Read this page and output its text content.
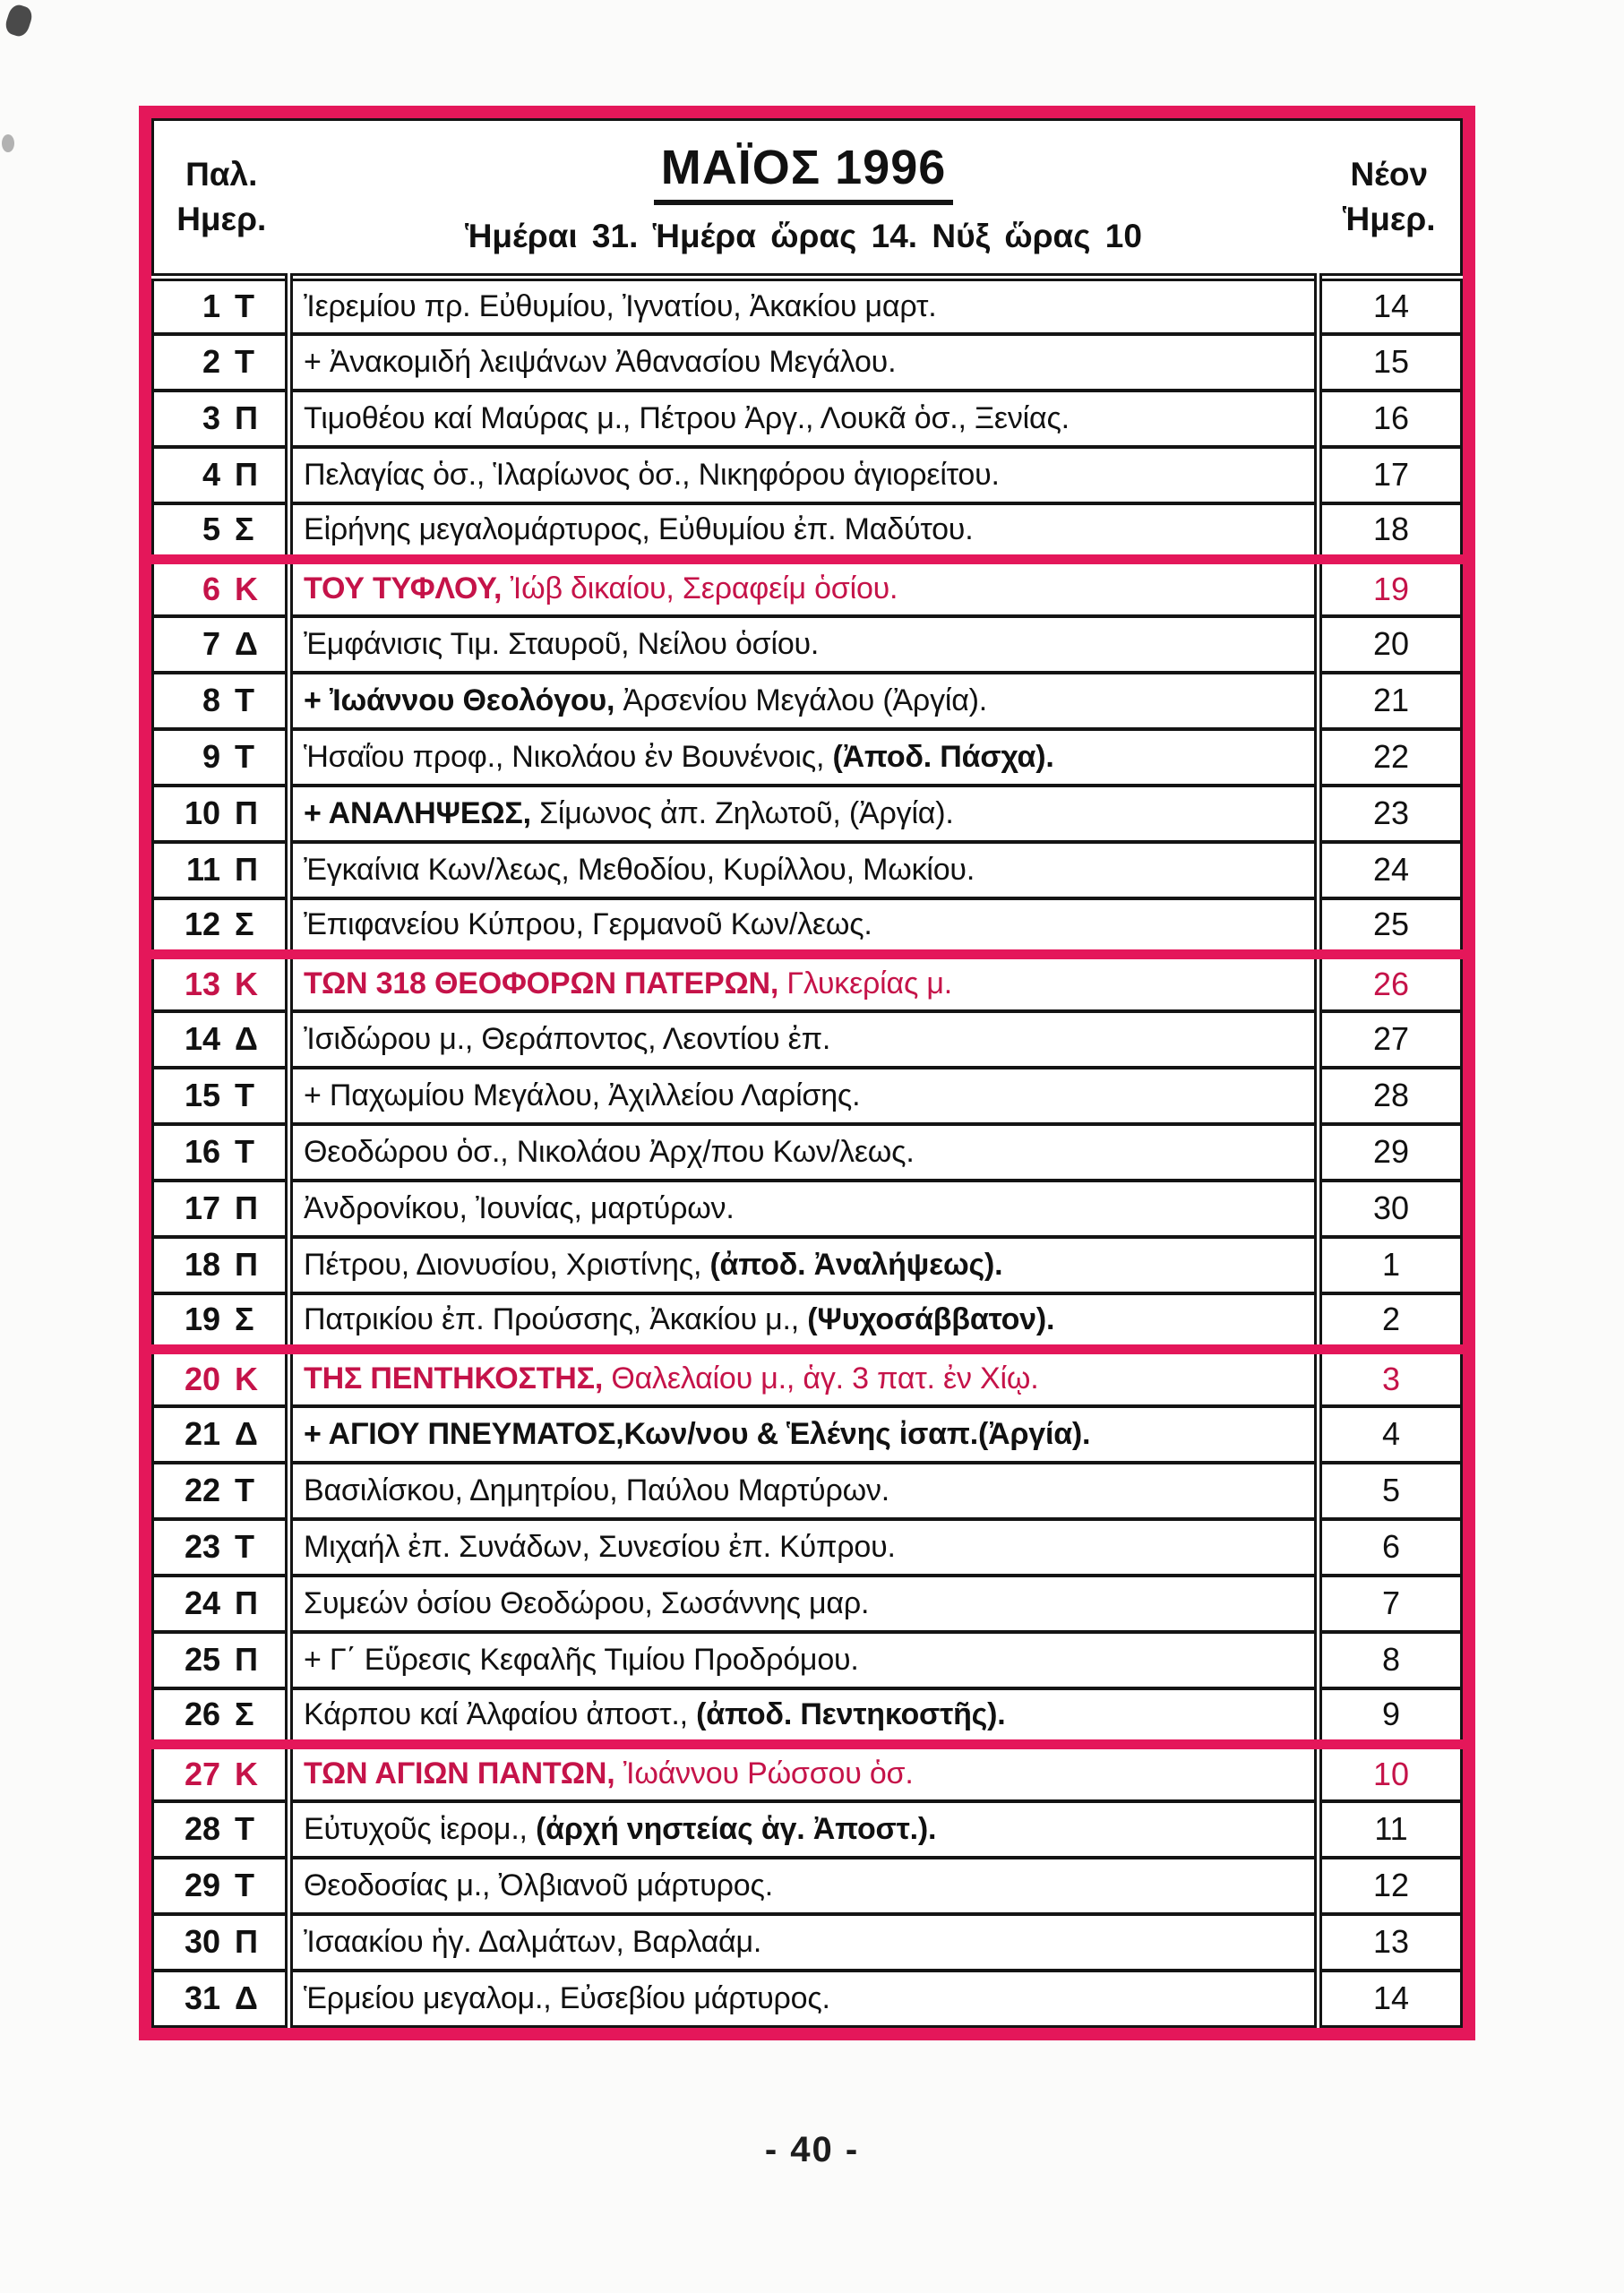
Παλ.
Ημερ.

ΜΑΪΟΣ 1996
Ἡμέραι 31. Ἡμέρα ὥρας 14. Νύξ ὥρας 10

Νέον
Ἡμερ.

1 Τ	Ἰερεμίου πρ. Εὐθυμίου, Ἰγνατίου, Ἀκακίου μαρτ.	14

2 Τ	+ Ἀνακομιδή λειψάνων Ἀθανασίου Μεγάλου.	15

3 Π	Τιμοθέου καί Μαύρας μ., Πέτρου Ἀργ., Λουκᾶ ὁσ., Ξενίας.	16

4 Π	Πελαγίας ὁσ., Ἱλαρίωνος ὁσ., Νικηφόρου ἁγιορείτου.	17

5 Σ	Εἰρήνης μεγαλομάρτυρος, Εὐθυμίου ἐπ. Μαδύτου.	18

6 Κ	ΤΟΥ ΤΥΦΛΟΥ, Ἰώβ δικαίου, Σεραφείμ ὁσίου.	19

7 Δ	Ἐμφάνισις Τιμ. Σταυροῦ, Νείλου ὁσίου.	20

8 Τ	+ Ἰωάννου Θεολόγου, Ἀρσενίου Μεγάλου (Ἀργία).	21

9 Τ	Ἡσαΐου προφ., Νικολάου ἐν Βουνένοις, (Ἀποδ. Πάσχα).	22

10 Π	+ ΑΝΑΛΗΨΕΩΣ, Σίμωνος ἀπ. Ζηλωτοῦ, (Ἀργία).	23

11 Π	Ἐγκαίνια Κων/λεως, Μεθοδίου, Κυρίλλου, Μωκίου.	24

12 Σ	Ἐπιφανείου Κύπρου, Γερμανοῦ Κων/λεως.	25

13 Κ	ΤΩΝ 318 ΘΕΟΦΟΡΩΝ ΠΑΤΕΡΩΝ, Γλυκερίας μ.	26

14 Δ	Ἰσιδώρου μ., Θεράποντος, Λεοντίου ἐπ.	27

15 Τ	+ Παχωμίου Μεγάλου, Ἀχιλλείου Λαρίσης.	28

16 Τ	Θεοδώρου ὁσ., Νικολάου Ἀρχ/που Κων/λεως.	29

17 Π	Ἀνδρονίκου, Ἰουνίας, μαρτύρων.	30

18 Π	Πέτρου, Διονυσίου, Χριστίνης, (ἀποδ. Ἀναλήψεως).	1

19 Σ	Πατρικίου ἐπ. Προύσσης, Ἀκακίου μ., (Ψυχοσάββατον).	2

20 Κ	ΤΗΣ ΠΕΝΤΗΚΟΣΤΗΣ, Θαλελαίου μ., ἁγ. 3 πατ. ἐν Χίῳ.	3

21 Δ	+ ΑΓΙΟΥ ΠΝΕΥΜΑΤΟΣ,Κων/νου & Ἑλένης ἰσαπ.(Ἀργία).	4

22 Τ	Βασιλίσκου, Δημητρίου, Παύλου Μαρτύρων.	5

23 Τ	Μιχαήλ ἐπ. Συνάδων, Συνεσίου ἐπ. Κύπρου.	6

24 Π	Συμεών ὁσίου Θεοδώρου, Σωσάννης μαρ.	7

25 Π	+ Γ΄ Εὕρεσις Κεφαλῆς Τιμίου Προδρόμου.	8

26 Σ	Κάρπου καί Ἀλφαίου ἀποστ., (ἀποδ. Πεντηκοστῆς).	9

27 Κ	ΤΩΝ ΑΓΙΩΝ ΠΑΝΤΩΝ, Ἰωάννου Ρώσσου ὁσ.	10

28 Τ	Εὐτυχοῦς ἱερομ., (ἀρχή νηστείας ἁγ. Ἀποστ.).	11

29 Τ	Θεοδοσίας μ., Ὀλβιανοῦ μάρτυρος.	12

30 Π	Ἰσαακίου ἡγ. Δαλμάτων, Βαρλαάμ.	13

31 Δ	Ἑρμείου μεγαλομ., Εὐσεβίου μάρτυρος.	14
- 40 -
